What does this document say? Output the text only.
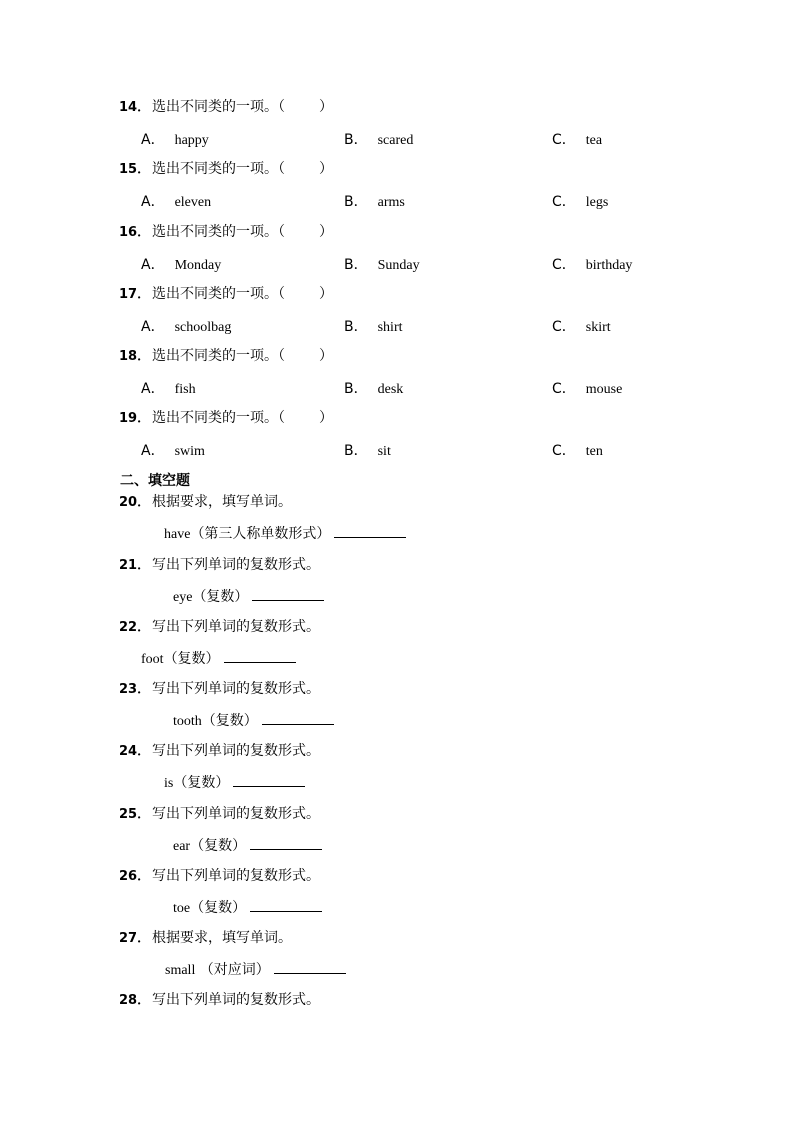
14． 选出不同类的一项。（ ）
A． happy	B． scared	C． tea
15． 选出不同类的一项。（ ）
A． eleven	B． arms	C． legs
16． 选出不同类的一项。（ ）
A． Monday	B． Sunday	C． birthday
17． 选出不同类的一项。（ ）
A． schoolbag	B． shirt	C． skirt
18． 选出不同类的一项。（ ）
A． fish	B． desk	C． mouse
19． 选出不同类的一项。（ ）
A． swim	B． sit	C． ten
二、填空题
20． 根据要求，填写单词。
have（第三人称单数形式）
21． 写出下列单词的复数形式。
eye（复数）
22． 写出下列单词的复数形式。
foot（复数）
23． 写出下列单词的复数形式。
tooth（复数）
24． 写出下列单词的复数形式。
is（复数）
25． 写出下列单词的复数形式。
ear（复数）
26． 写出下列单词的复数形式。
toe（复数）
27． 根据要求，填写单词。
small （对应词）
28． 写出下列单词的复数形式。
